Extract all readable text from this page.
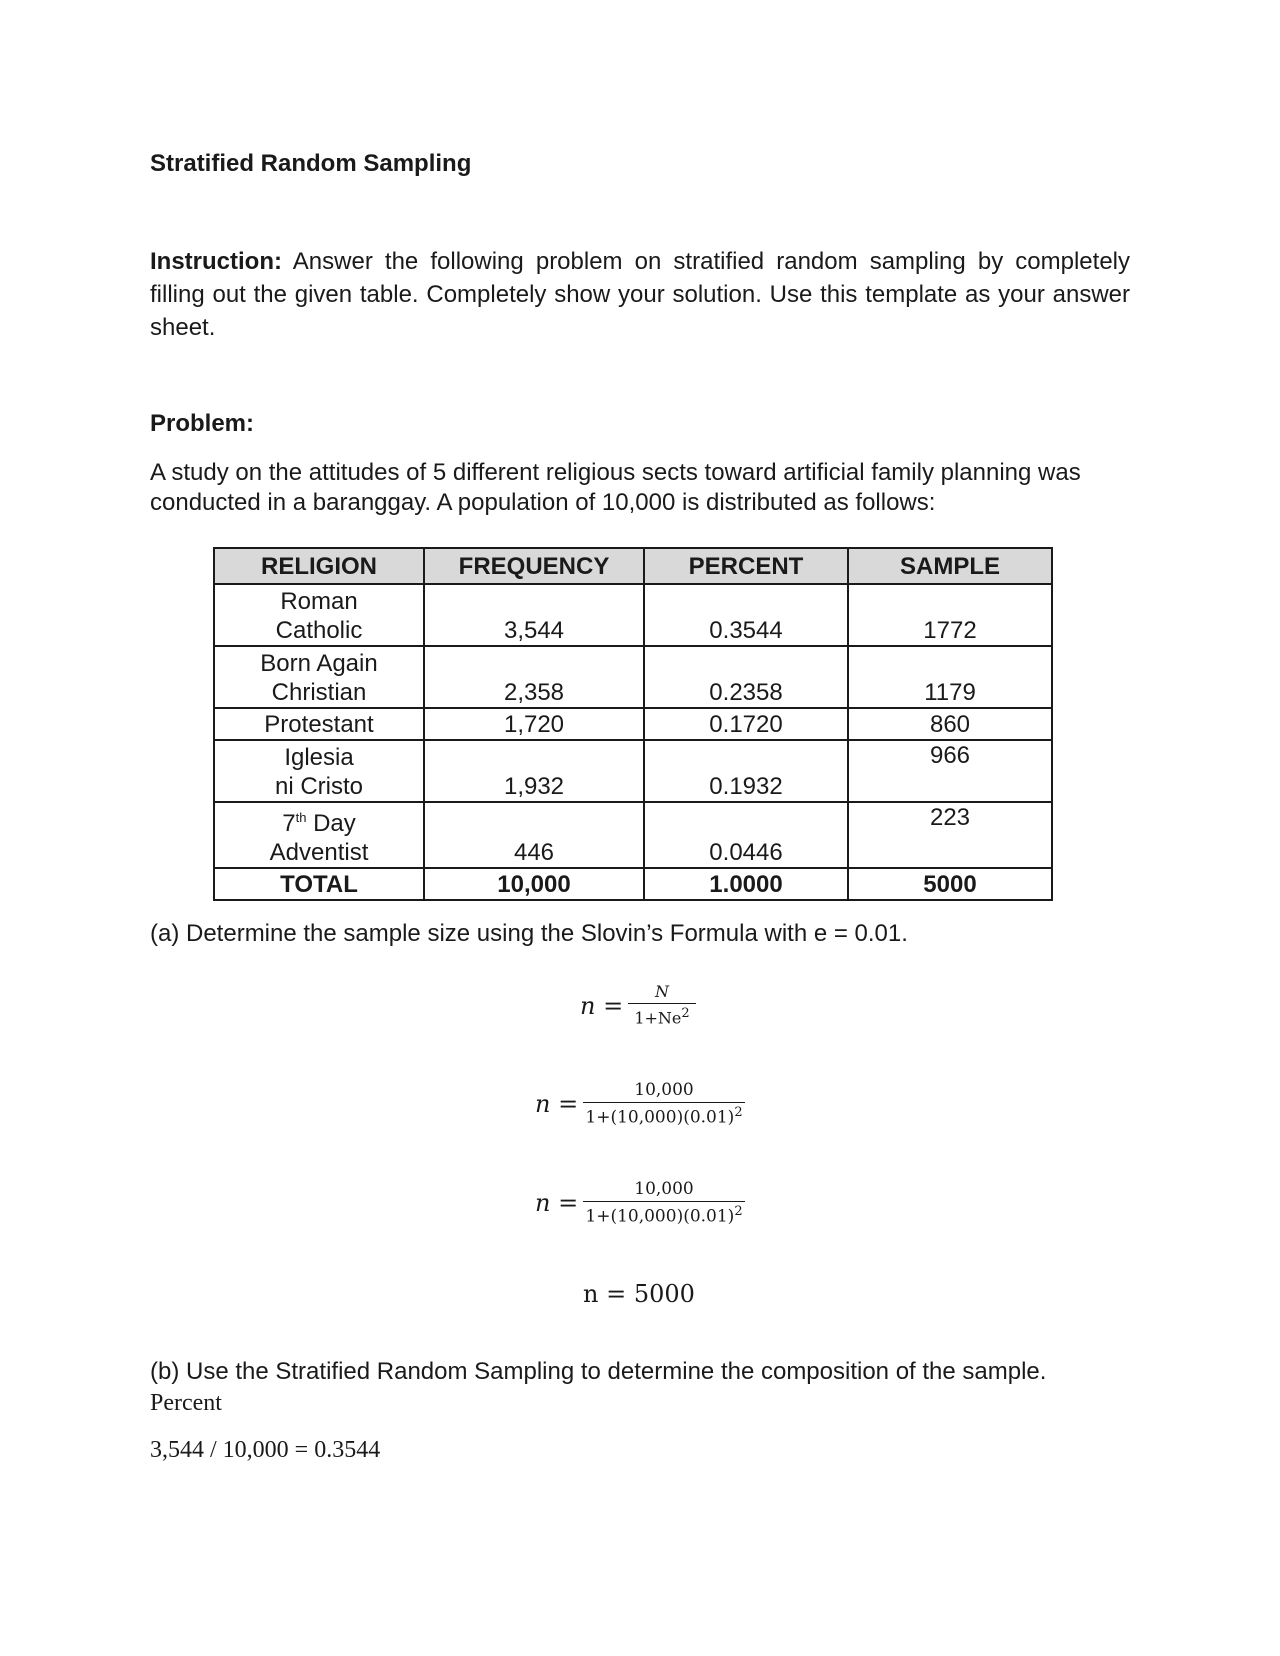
Stratified Random Sampling
Instruction: Answer the following problem on stratified random sampling by completely filling out the given table. Completely show your solution. Use this template as your answer sheet.
Problem:
A study on the attitudes of 5 different religious sects toward artificial family planning was conducted in a baranggay. A population of 10,000 is distributed as follows:
RELIGION	FREQUENCY	PERCENT	SAMPLE
Roman
Catholic	3,544	0.3544	1772
Born Again
Christian	2,358	0.2358	1179
Protestant	1,720	0.1720	860
Iglesia
ni Cristo	1,932	0.1932	966
7th Day
Adventist	446	0.0446	223
TOTAL	10,000	1.0000	5000
(a) Determine the sample size using the Slovin’s Formula with e = 0.01.
$n = \frac{N}{1+Ne^2}$
$n = \frac{10,000}{1+(10,000)(0.01)^2}$
$n = \frac{10,000}{1+(10,000)(0.01)^2}$
n = 5000
(b) Use the Stratified Random Sampling to determine the composition of the sample.
Percent
3,544 / 10,000 = 0.3544
